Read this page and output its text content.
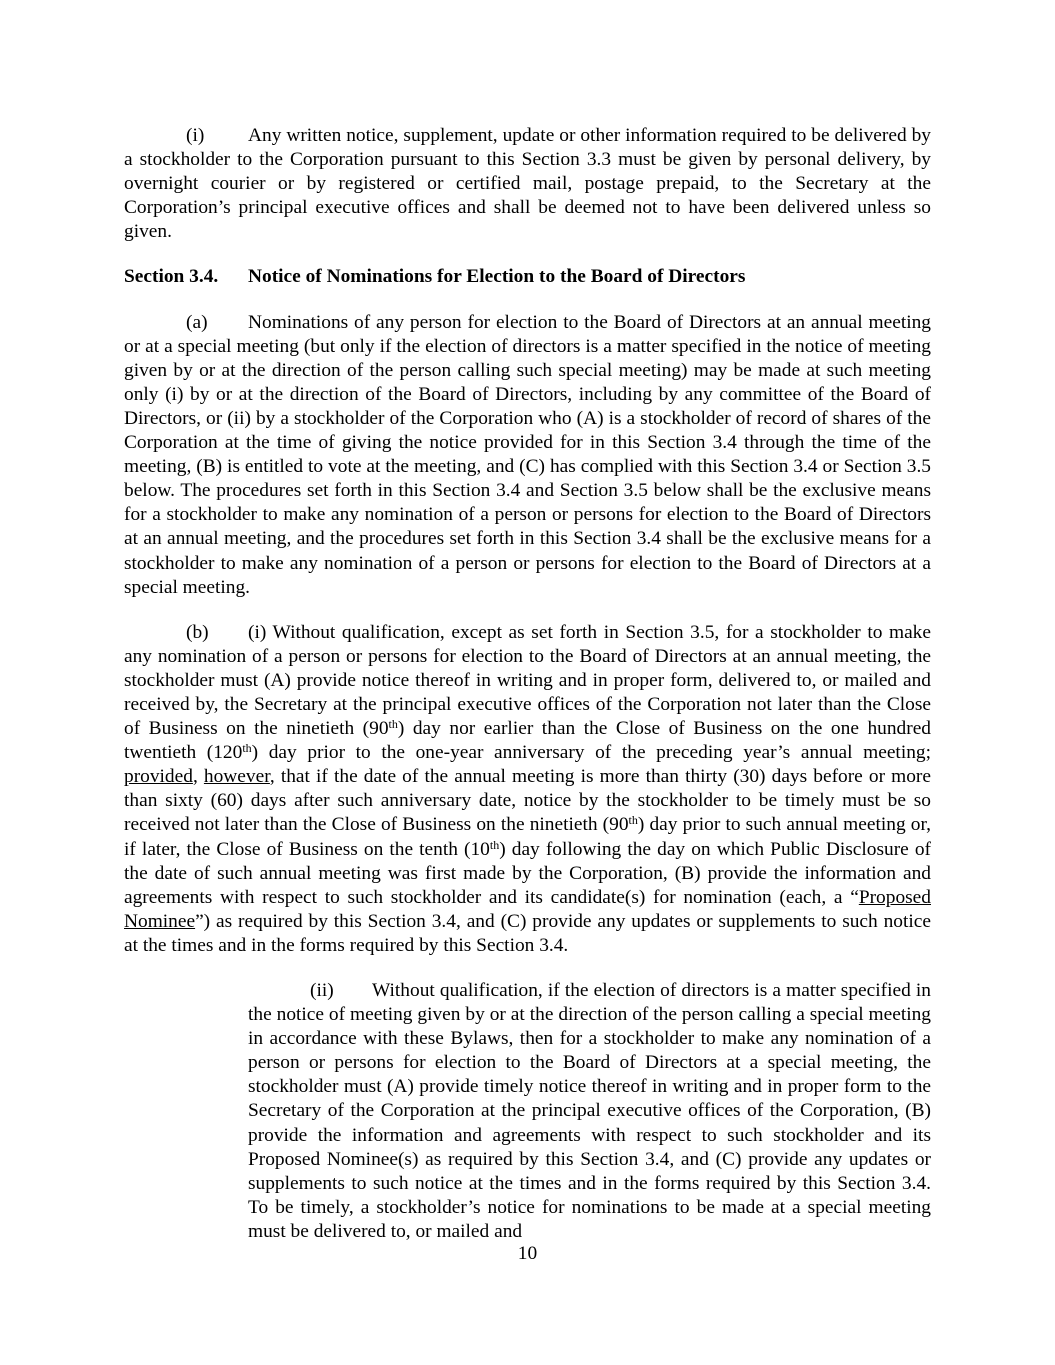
(i) Any written notice, supplement, update or other information required to be delivered by a stockholder to the Corporation pursuant to this Section 3.3 must be given by personal delivery, by overnight courier or by registered or certified mail, postage prepaid, to the Secretary at the Corporation’s principal executive offices and shall be deemed not to have been delivered unless so given.

Section 3.4. Notice of Nominations for Election to the Board of Directors

(a) Nominations of any person for election to the Board of Directors at an annual meeting or at a special meeting (but only if the election of directors is a matter specified in the notice of meeting given by or at the direction of the person calling such special meeting) may be made at such meeting only (i) by or at the direction of the Board of Directors, including by any committee of the Board of Directors, or (ii) by a stockholder of the Corporation who (A) is a stockholder of record of shares of the Corporation at the time of giving the notice provided for in this Section 3.4 through the time of the meeting, (B) is entitled to vote at the meeting, and (C) has complied with this Section 3.4 or Section 3.5 below. The procedures set forth in this Section 3.4 and Section 3.5 below shall be the exclusive means for a stockholder to make any nomination of a person or persons for election to the Board of Directors at an annual meeting, and the procedures set forth in this Section 3.4 shall be the exclusive means for a stockholder to make any nomination of a person or persons for election to the Board of Directors at a special meeting.

(b) (i) Without qualification, except as set forth in Section 3.5, for a stockholder to make any nomination of a person or persons for election to the Board of Directors at an annual meeting, the stockholder must (A) provide notice thereof in writing and in proper form, delivered to, or mailed and received by, the Secretary at the principal executive offices of the Corporation not later than the Close of Business on the ninetieth (90th) day nor earlier than the Close of Business on the one hundred twentieth (120th) day prior to the one-year anniversary of the preceding year’s annual meeting; provided, however, that if the date of the annual meeting is more than thirty (30) days before or more than sixty (60) days after such anniversary date, notice by the stockholder to be timely must be so received not later than the Close of Business on the ninetieth (90th) day prior to such annual meeting or, if later, the Close of Business on the tenth (10th) day following the day on which Public Disclosure of the date of such annual meeting was first made by the Corporation, (B) provide the information and agreements with respect to such stockholder and its candidate(s) for nomination (each, a “Proposed Nominee”) as required by this Section 3.4, and (C) provide any updates or supplements to such notice at the times and in the forms required by this Section 3.4.

(ii) Without qualification, if the election of directors is a matter specified in the notice of meeting given by or at the direction of the person calling a special meeting in accordance with these Bylaws, then for a stockholder to make any nomination of a person or persons for election to the Board of Directors at a special meeting, the stockholder must (A) provide timely notice thereof in writing and in proper form to the Secretary of the Corporation at the principal executive offices of the Corporation, (B) provide the information and agreements with respect to such stockholder and its Proposed Nominee(s) as required by this Section 3.4, and (C) provide any updates or supplements to such notice at the times and in the forms required by this Section 3.4. To be timely, a stockholder’s notice for nominations to be made at a special meeting must be delivered to, or mailed and

10
